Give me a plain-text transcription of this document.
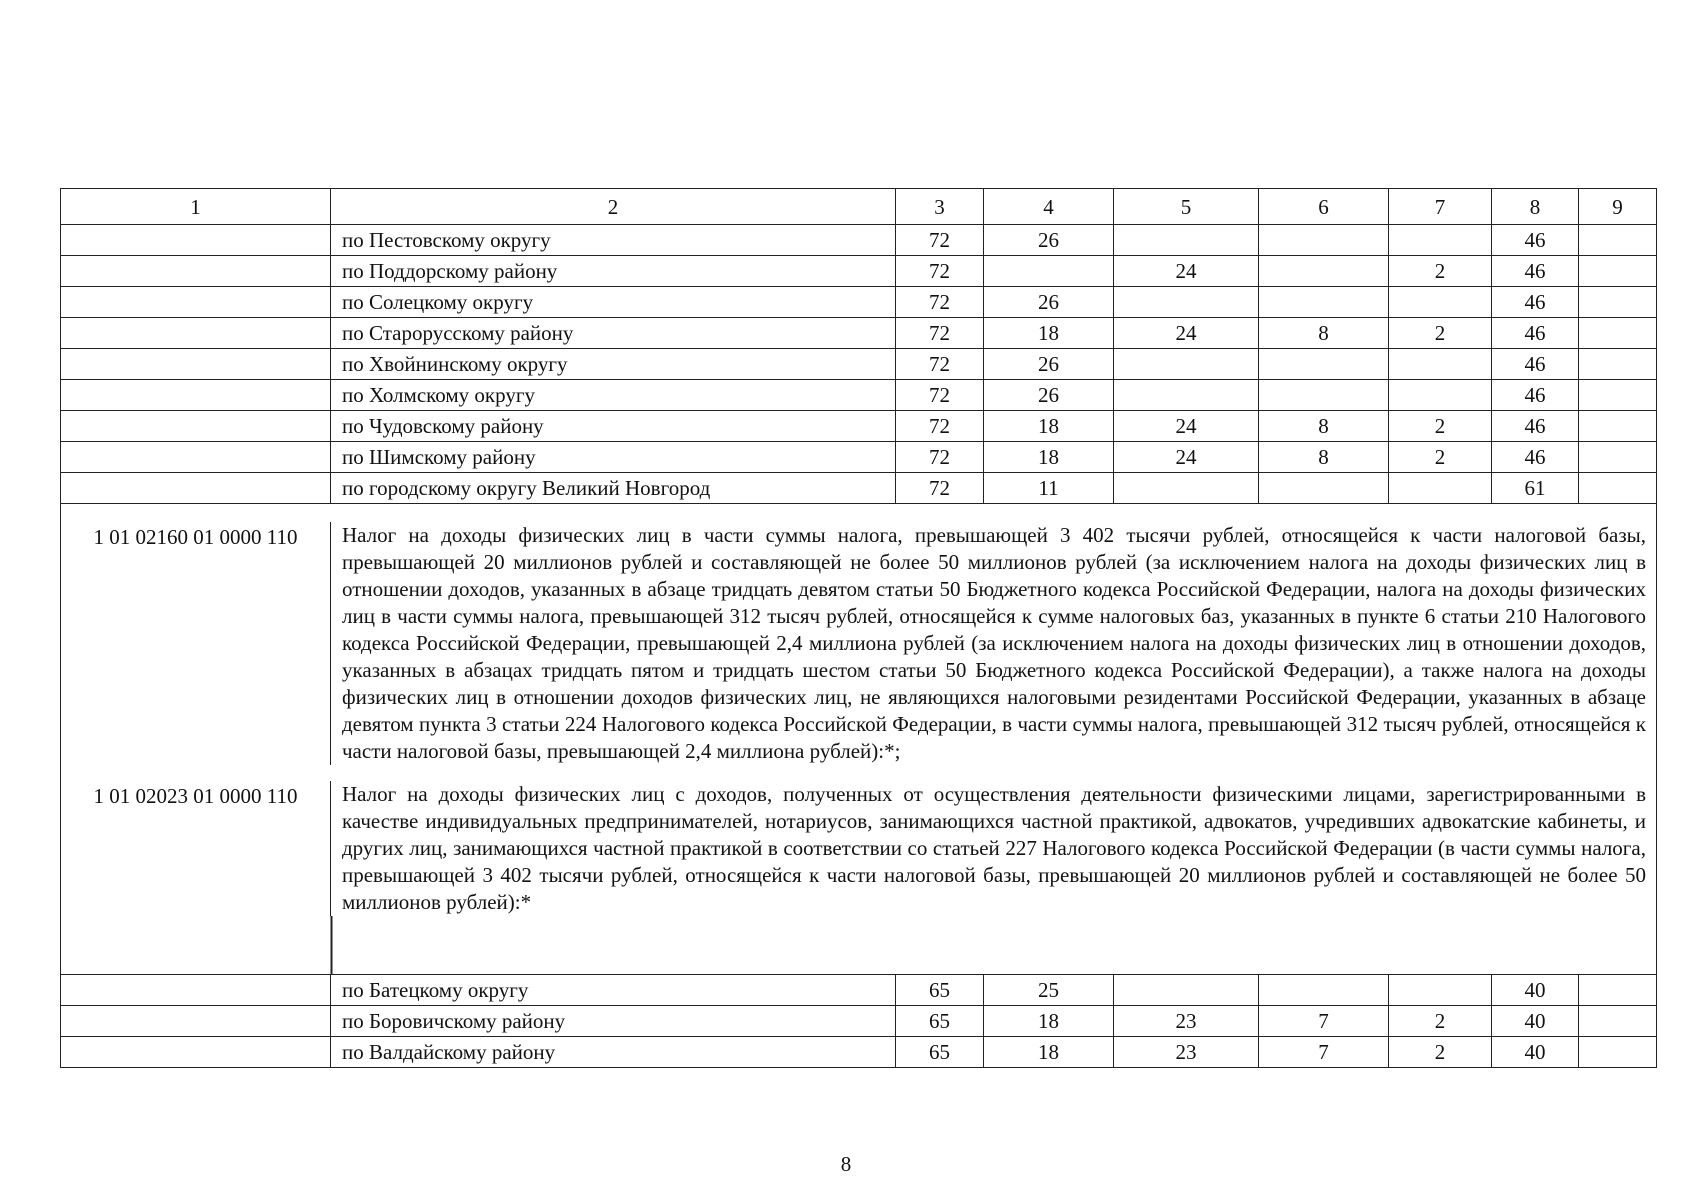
1	2	3	4	5	6	7	8	9
	по Пестовскому округу	72	26				46	
	по Поддорскому району	72		24		2	46	
	по Солецкому округу	72	26				46	
	по Старорусскому району	72	18	24	8	2	46	
	по Хвойнинскому округу	72	26				46	
	по Холмскому округу	72	26				46	
	по Чудовскому району	72	18	24	8	2	46	
	по Шимскому району	72	18	24	8	2	46	
	по городскому округу Великий Новгород	72	11				61	

1 01 02160 01 0000 110	Налог на доходы физических лиц в части суммы налога, превышающей 3 402 тысячи рублей, относящейся к части налоговой базы, превышающей 20 миллионов рублей и составляющей не более 50 миллионов рублей (за исключением налога на доходы физических лиц в отношении доходов, указанных в абзаце тридцать девятом статьи 50 Бюджетного кодекса Российской Федерации, налога на доходы физических лиц в части суммы налога, превышающей 312 тысяч рублей, относящейся к сумме налоговых баз, указанных в пункте 6 статьи 210 Налогового кодекса Российской Федерации, превышающей 2,4 миллиона рублей (за исключением налога на доходы физических лиц в отношении доходов, указанных в абзацах тридцать пятом и тридцать шестом статьи 50 Бюджетного кодекса Российской Федерации), а также налога на доходы физических лиц в отношении доходов физических лиц, не являющихся налоговыми резидентами Российской Федерации, указанных в абзаце девятом пункта 3 статьи 224 Налогового кодекса Российской Федерации, в части суммы налога, превышающей 312 тысяч рублей, относящейся к части налоговой базы, превышающей 2,4 миллиона рублей):*;							

1 01 02023 01 0000 110	Налог на доходы физических лиц с доходов, полученных от осуществления деятельности физическими лицами, зарегистрированными в качестве индивидуальных предпринимателей, нотариусов, занимающихся частной практикой, адвокатов, учредивших адвокатские кабинеты, и других лиц, занимающихся частной практикой в соответствии со статьей 227 Налогового кодекса Российской Федерации (в части суммы налога, превышающей 3 402 тысячи рублей, относящейся к части налоговой базы, превышающей 20 миллионов рублей и составляющей не более 50 миллионов рублей):*							

	по Батецкому округу	65	25				40	
	по Боровичскому району	65	18	23	7	2	40	
	по Валдайскому району	65	18	23	7	2	40	
8
